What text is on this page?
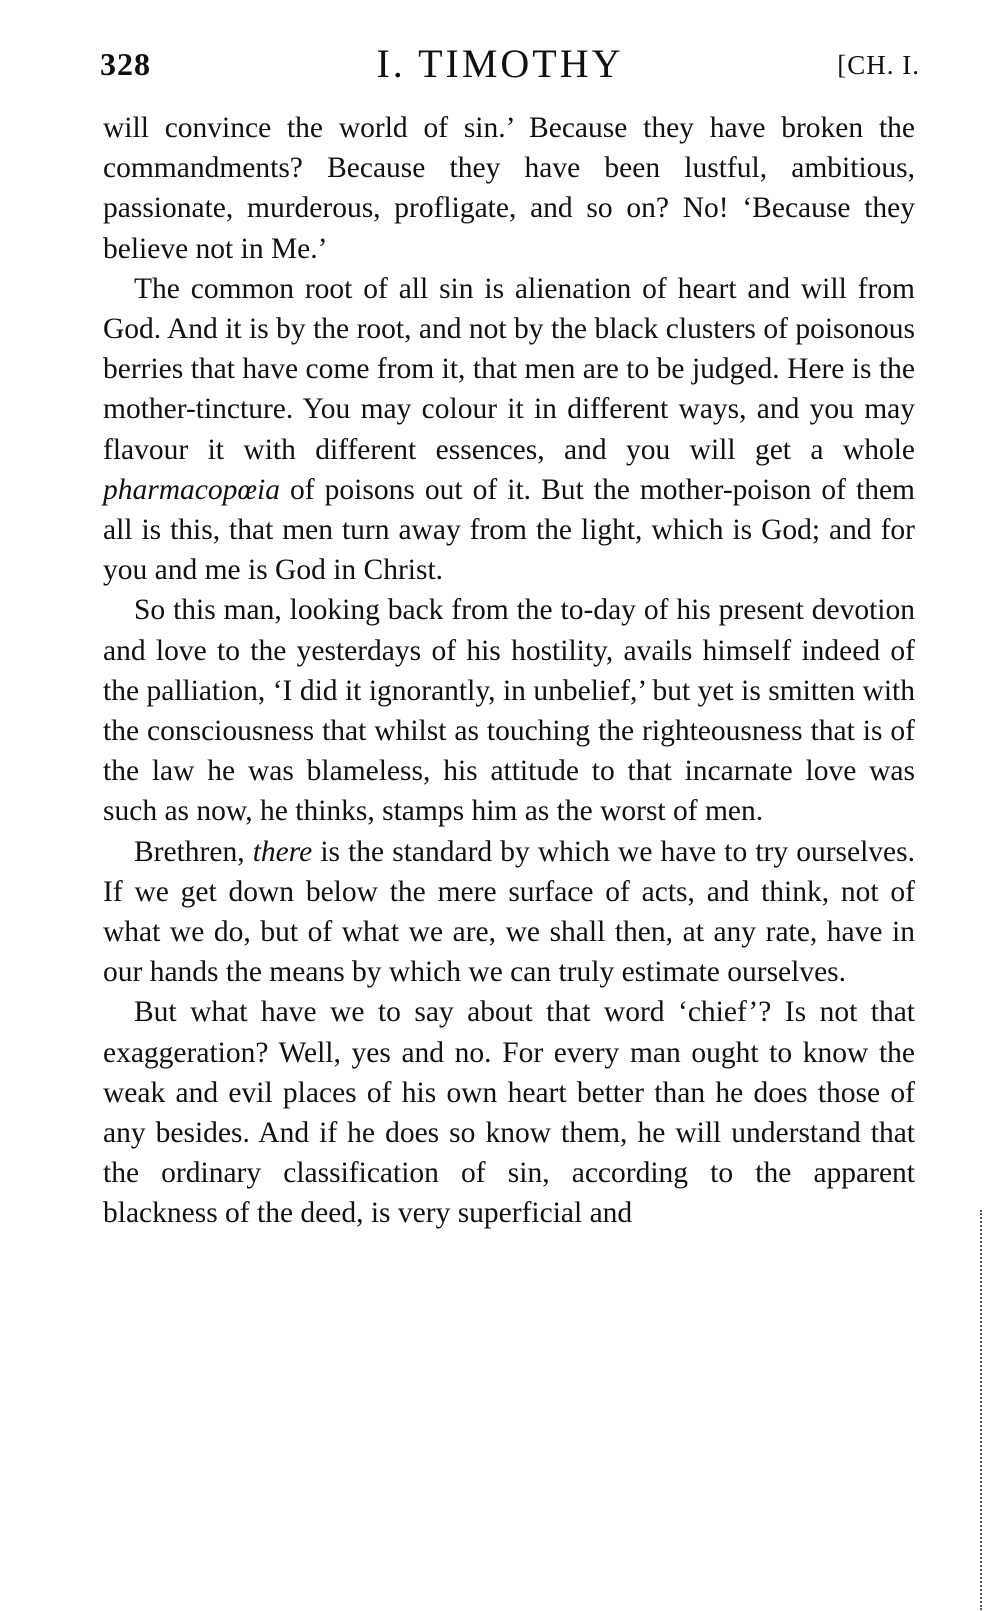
328	I. TIMOTHY	[CH. I.

will convince the world of sin.’ Because they have broken the commandments? Because they have been lustful, ambitious, passionate, murderous, profligate, and so on? No! ‘Because they believe not in Me.’

The common root of all sin is alienation of heart and will from God. And it is by the root, and not by the black clusters of poisonous berries that have come from it, that men are to be judged. Here is the mother-tincture. You may colour it in different ways, and you may flavour it with different essences, and you will get a whole pharmacopœia of poisons out of it. But the mother-poison of them all is this, that men turn away from the light, which is God; and for you and me is God in Christ.

So this man, looking back from the to-day of his present devotion and love to the yesterdays of his hostility, avails himself indeed of the palliation, ‘I did it ignorantly, in unbelief,’ but yet is smitten with the consciousness that whilst as touching the righteousness that is of the law he was blameless, his attitude to that incarnate love was such as now, he thinks, stamps him as the worst of men.

Brethren, there is the standard by which we have to try ourselves. If we get down below the mere surface of acts, and think, not of what we do, but of what we are, we shall then, at any rate, have in our hands the means by which we can truly estimate ourselves.

But what have we to say about that word ‘chief’? Is not that exaggeration? Well, yes and no. For every man ought to know the weak and evil places of his own heart better than he does those of any besides. And if he does so know them, he will understand that the ordinary classification of sin, according to the apparent blackness of the deed, is very superficial and
